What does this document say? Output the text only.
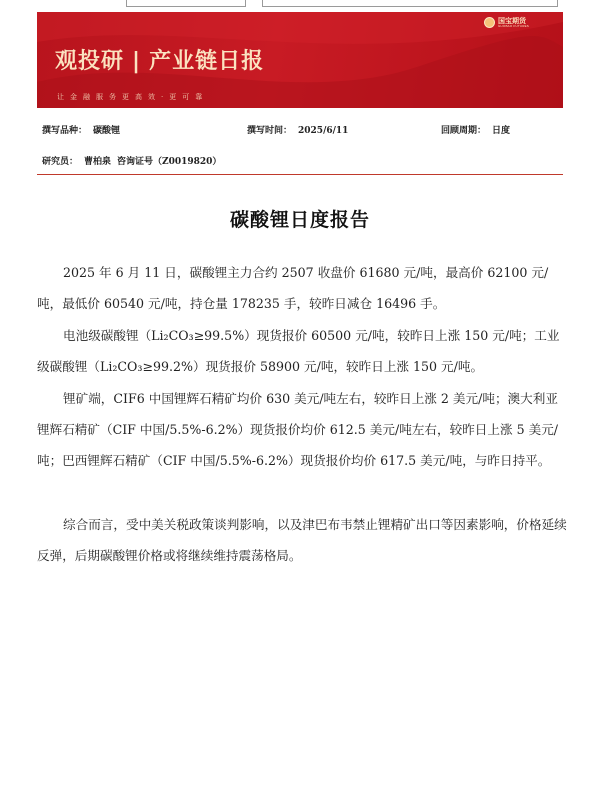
观投研 | 产业链日报
让金融服务更高效·更可靠
国宝期货
GUOBAO FUTURES
撰写品种： 碳酸锂	撰写时间： 2025/6/11	回顾周期： 日度
研究员： 曹柏泉 咨询证号（Z0019820）
碳酸锂日度报告

2025 年 6 月 11 日，碳酸锂主力合约 2507 收盘价 61680 元/吨，最高价 62100 元/吨，最低价 60540 元/吨，持仓量 178235 手，较昨日减仓 16496 手。

电池级碳酸锂（Li₂CO₃≥99.5%）现货报价 60500 元/吨，较昨日上涨 150 元/吨；工业级碳酸锂（Li₂CO₃≥99.2%）现货报价 58900 元/吨，较昨日上涨 150 元/吨。

锂矿端，CIF6 中国锂辉石精矿均价 630 美元/吨左右，较昨日上涨 2 美元/吨；澳大利亚锂辉石精矿（CIF 中国/5.5%-6.2%）现货报价均价 612.5 美元/吨左右，较昨日上涨 5 美元/吨；巴西锂辉石精矿（CIF 中国/5.5%-6.2%）现货报价均价 617.5 美元/吨，与昨日持平。

综合而言，受中美关税政策谈判影响，以及津巴布韦禁止锂精矿出口等因素影响，价格延续反弹，后期碳酸锂价格或将继续维持震荡格局。
